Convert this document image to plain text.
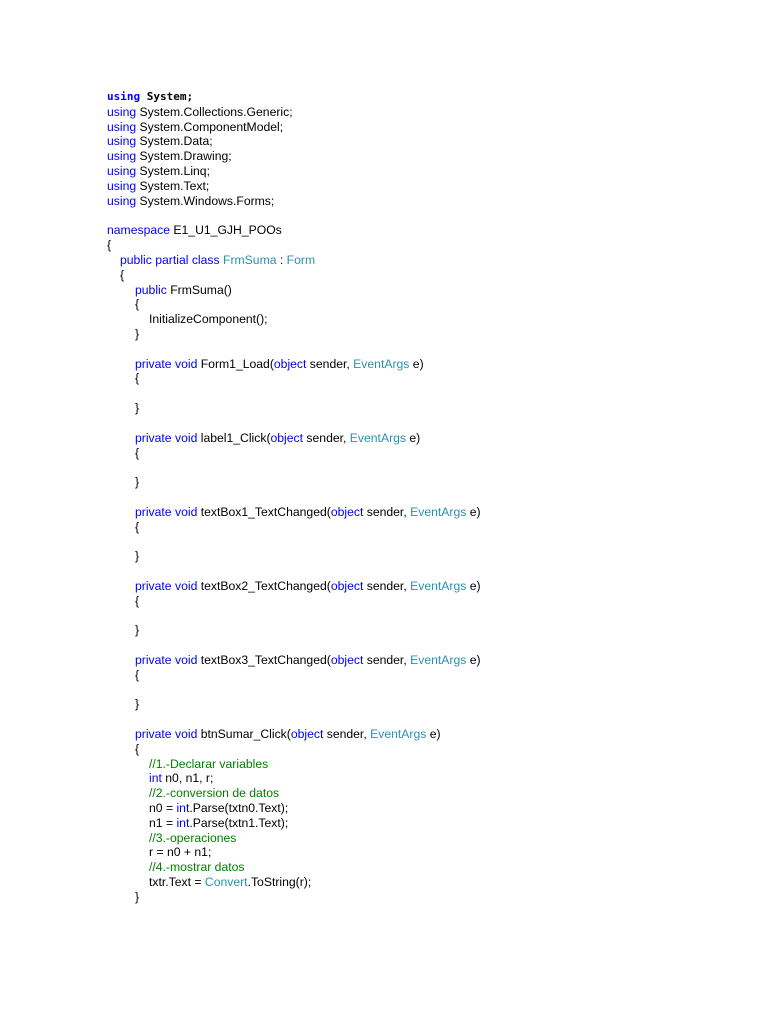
using System;
using System.Collections.Generic;
using System.ComponentModel;
using System.Data;
using System.Drawing;
using System.Linq;
using System.Text;
using System.Windows.Forms;

namespace E1_U1_GJH_POOs
{
public partial class FrmSuma : Form
{
public FrmSuma()
{
InitializeComponent();
}

private void Form1_Load(object sender, EventArgs e)
{

}

private void label1_Click(object sender, EventArgs e)
{

}

private void textBox1_TextChanged(object sender, EventArgs e)
{

}

private void textBox2_TextChanged(object sender, EventArgs e)
{

}

private void textBox3_TextChanged(object sender, EventArgs e)
{

}

private void btnSumar_Click(object sender, EventArgs e)
{
//1.-Declarar variables
int n0, n1, r;
//2.-conversion de datos
n0 = int.Parse(txtn0.Text);
n1 = int.Parse(txtn1.Text);
//3.-operaciones
r = n0 + n1;
//4.-mostrar datos
txtr.Text = Convert.ToString(r);
}
